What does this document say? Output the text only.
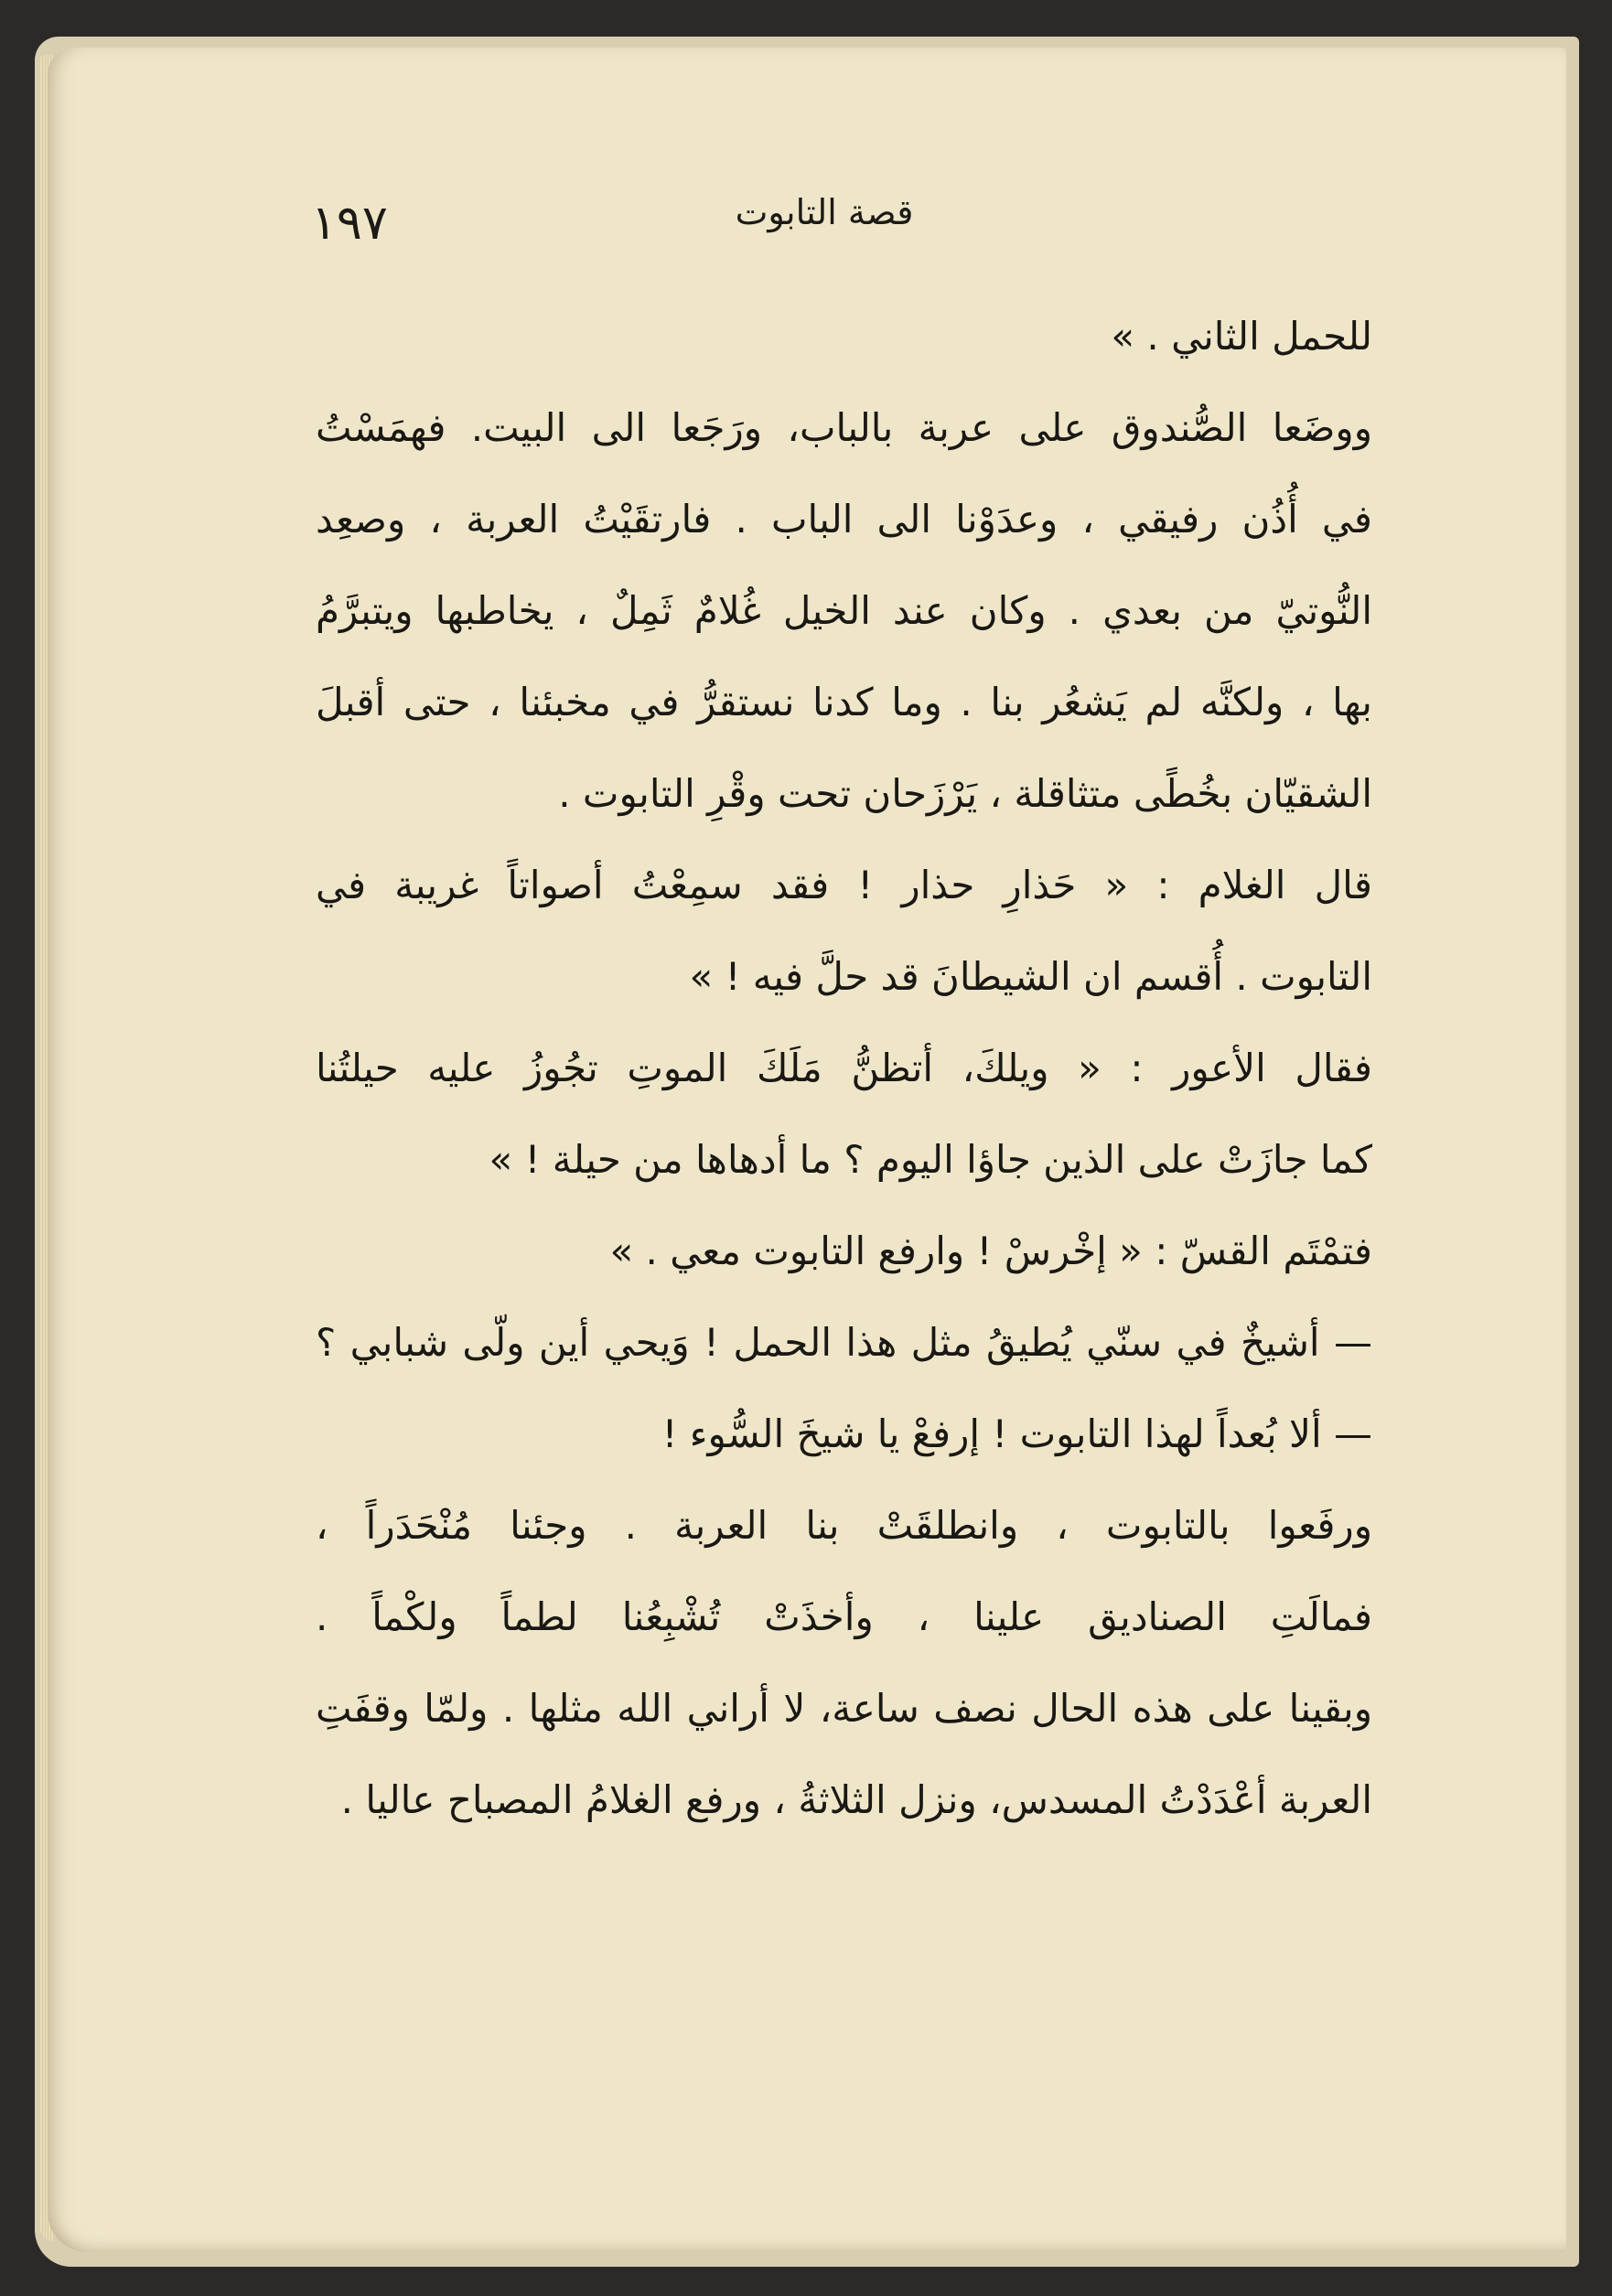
١٩٧	قصة التابوت
للحمل الثاني . »
ووضَعا الصُّندوق على عربة بالباب، ورَجَعا الى البيت. فهمَسْتُ
في أُذُن رفيقي ، وعدَوْنا الى الباب . فارتقَيْتُ العربة ، وصعِد
النُّوتيّ من بعدي . وكان عند الخيل غُلامٌ ثَمِلٌ ، يخاطبها ويتبرَّمُ
بها ، ولكنَّه لم يَشعُر بنا . وما كدنا نستقرُّ في مخبئنا ، حتى أقبلَ
الشقيّان بخُطًى متثاقلة ، يَرْزَحان تحت وقْرِ التابوت .
قال الغلام : « حَذارِ حذار ! فقد سمِعْتُ أصواتاً غريبة في
التابوت . أُقسم ان الشيطانَ قد حلَّ فيه ! »
فقال الأعور : « ويلكَ، أتظنُّ مَلَكَ الموتِ تجُوزُ عليه حيلتُنا
كما جازَتْ على الذين جاؤا اليوم ؟ ما أدهاها من حيلة ! »
فتمْتَم القسّ : « إخْرسْ ! وارفع التابوت معي . »
— أشيخٌ في سنّي يُطيقُ مثل هذا الحمل ! وَيحي أين ولّى شبابي ؟
— ألا بُعداً لهذا التابوت ! إرفعْ يا شيخَ السُّوء !
ورفَعوا بالتابوت ، وانطلقَتْ بنا العربة . وجئنا مُنْحَدَراً ،
فمالَتِ الصناديق علينا ، وأخذَتْ تُشْبِعُنا لطماً ولكْماً .
وبقينا على هذه الحال نصف ساعة، لا أراني الله مثلها . ولمّا وقفَتِ
العربة أعْدَدْتُ المسدس، ونزل الثلاثةُ ، ورفع الغلامُ المصباح عاليا .
